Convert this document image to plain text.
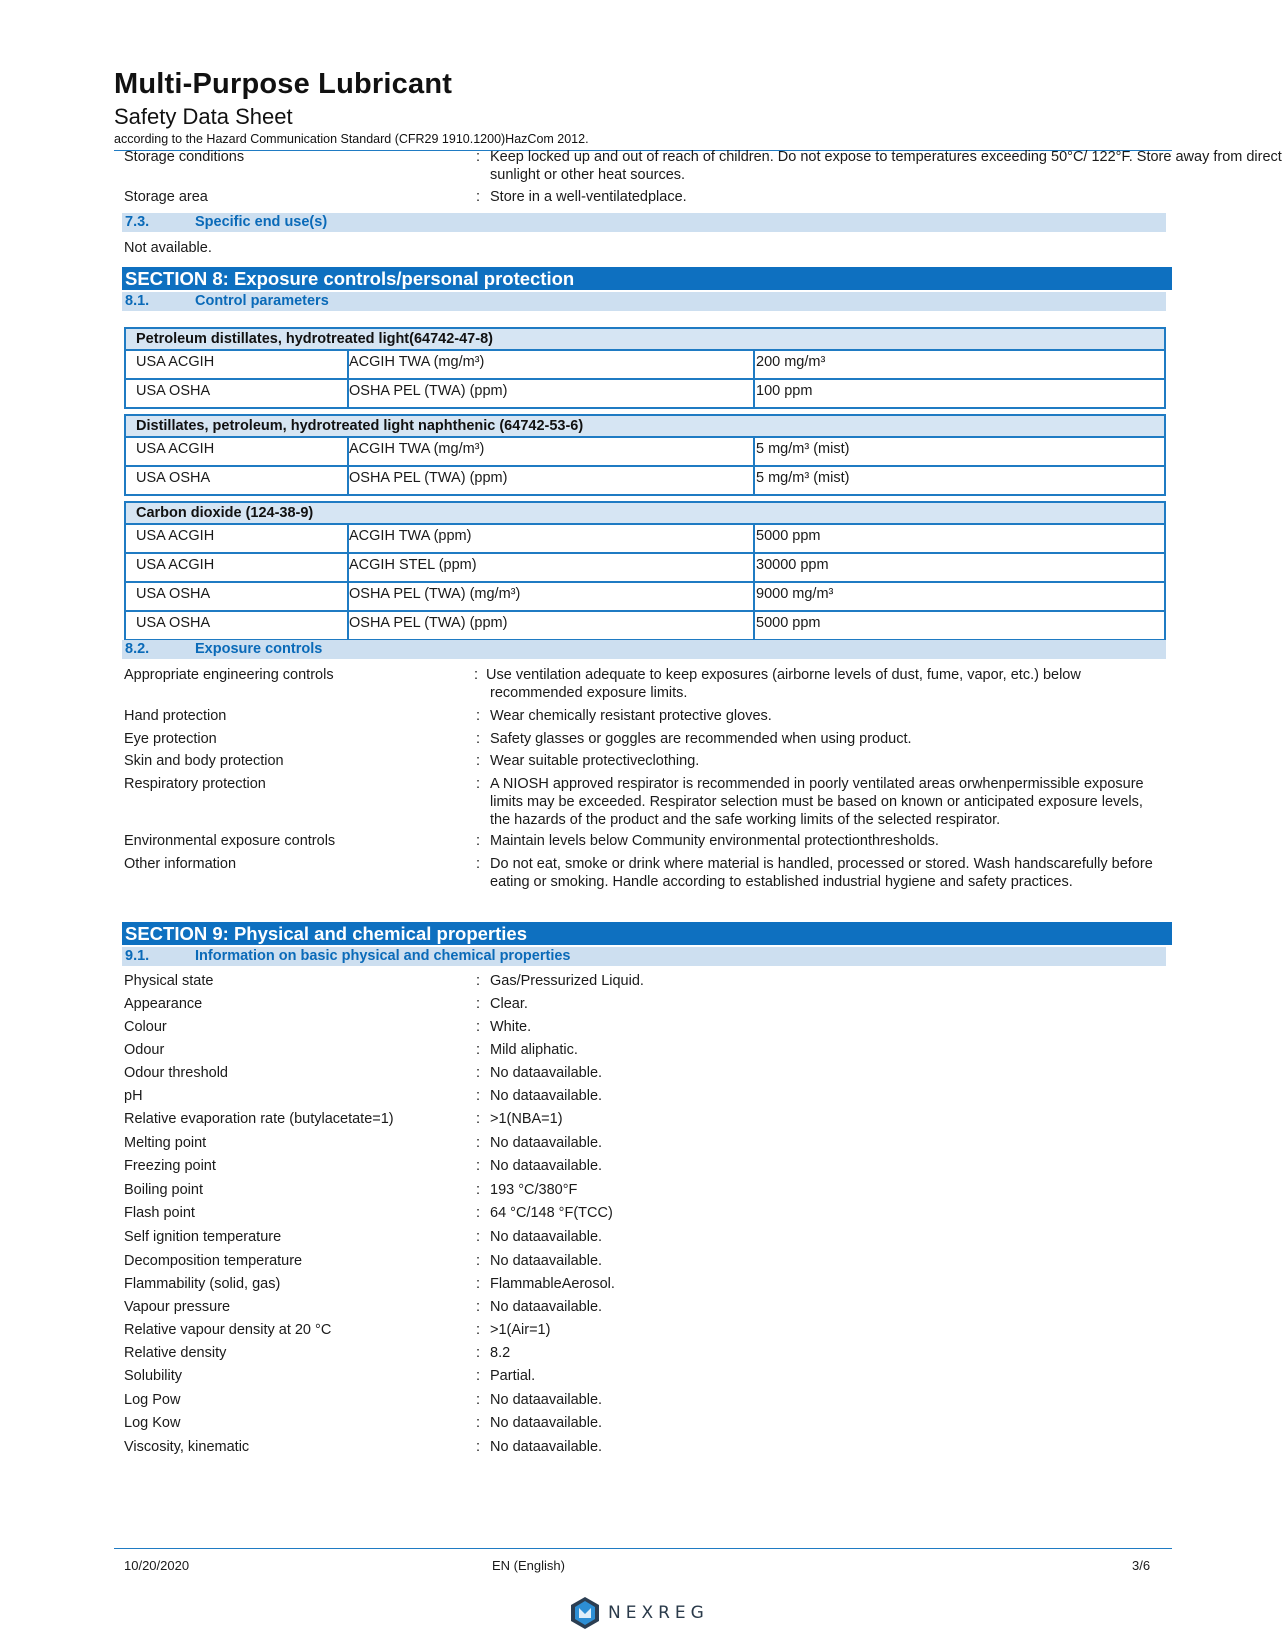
Multi-Purpose Lubricant
Safety Data Sheet
according to the Hazard Communication Standard (CFR29 1910.1200)HazCom 2012.
Storage conditions	: Keep locked up and out of reach of children. Do not expose to temperatures exceeding 50°C/ 122°F. Store away from direct sunlight or other heat sources.
Storage area	: Store in a well-ventilatedplace.
7.3.	Specific end use(s)
Not available.
SECTION 8: Exposure controls/personal protection
8.1.	Control parameters
Petroleum distillates, hydrotreated light(64742-47-8)
USA ACGIH	ACGIH TWA (mg/m³)	200 mg/m³
USA OSHA	OSHA PEL (TWA) (ppm)	100 ppm
Distillates, petroleum, hydrotreated light naphthenic (64742-53-6)
USA ACGIH	ACGIH TWA (mg/m³)	5 mg/m³ (mist)
USA OSHA	OSHA PEL (TWA) (ppm)	5 mg/m³ (mist)
Carbon dioxide (124-38-9)
USA ACGIH	ACGIH TWA (ppm)	5000 ppm
USA ACGIH	ACGIH STEL (ppm)	30000 ppm
USA OSHA	OSHA PEL (TWA) (mg/m³)	9000 mg/m³
USA OSHA	OSHA PEL (TWA) (ppm)	5000 ppm
8.2.	Exposure controls
Appropriate engineering controls	: Use ventilation adequate to keep exposures (airborne levels of dust, fume, vapor, etc.) below recommended exposure limits.
Hand protection	: Wear chemically resistant protective gloves.
Eye protection	: Safety glasses or goggles are recommended when using product.
Skin and body protection	: Wear suitable protectiveclothing.
Respiratory protection	: A NIOSH approved respirator is recommended in poorly ventilated areas orwhenpermissible exposure limits may be exceeded. Respirator selection must be based on known or anticipated exposure levels, the hazards of the product and the safe working limits of the selected respirator.
Environmental exposure controls	: Maintain levels below Community environmental protectionthresholds.
Other information	: Do not eat, smoke or drink where material is handled, processed or stored. Wash handscarefully before eating or smoking. Handle according to established industrial hygiene and safety practices.
SECTION 9: Physical and chemical properties
9.1.	Information on basic physical and chemical properties
Physical state	: Gas/Pressurized Liquid.
Appearance	: Clear.
Colour	: White.
Odour	: Mild aliphatic.
Odour threshold	: No dataavailable.
pH	: No dataavailable.
Relative evaporation rate (butylacetate=1)	: >1(NBA=1)
Melting point	: No dataavailable.
Freezing point	: No dataavailable.
Boiling point	: 193 °C/380°F
Flash point	: 64 °C/148 °F(TCC)
Self ignition temperature	: No dataavailable.
Decomposition temperature	: No dataavailable.
Flammability (solid, gas)	: FlammableAerosol.
Vapour pressure	: No dataavailable.
Relative vapour density at 20 °C	: >1(Air=1)
Relative density	: 8.2
Solubility	: Partial.
Log Pow	: No dataavailable.
Log Kow	: No dataavailable.
Viscosity, kinematic	: No dataavailable.
10/20/2020	EN (English)	3/6
NEXREG
